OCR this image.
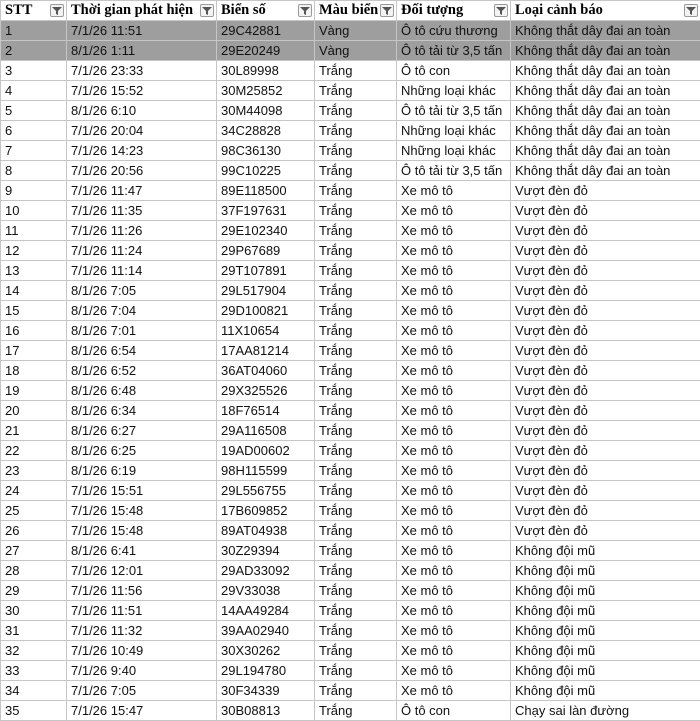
STT	Thời gian phát hiện	Biển số	Màu biển	Đối tượng	Loại cảnh báo

1	7/1/26 11:51	29C42881	Vàng	Ô tô cứu thương	Không thắt dây đai an toàn
2	8/1/26 1:11	29E20249	Vàng	Ô tô tải từ 3,5 tấn	Không thắt dây đai an toàn
3	7/1/26 23:33	30L89998	Trắng	Ô tô con	Không thắt dây đai an toàn
4	7/1/26 15:52	30M25852	Trắng	Những loại khác	Không thắt dây đai an toàn
5	8/1/26 6:10	30M44098	Trắng	Ô tô tải từ 3,5 tấn	Không thắt dây đai an toàn
6	7/1/26 20:04	34C28828	Trắng	Những loại khác	Không thắt dây đai an toàn
7	7/1/26 14:23	98C36130	Trắng	Những loại khác	Không thắt dây đai an toàn
8	7/1/26 20:56	99C10225	Trắng	Ô tô tải từ 3,5 tấn	Không thắt dây đai an toàn
9	7/1/26 11:47	89E118500	Trắng	Xe mô tô	Vượt đèn đỏ
10	7/1/26 11:35	37F197631	Trắng	Xe mô tô	Vượt đèn đỏ
11	7/1/26 11:26	29E102340	Trắng	Xe mô tô	Vượt đèn đỏ
12	7/1/26 11:24	29P67689	Trắng	Xe mô tô	Vượt đèn đỏ
13	7/1/26 11:14	29T107891	Trắng	Xe mô tô	Vượt đèn đỏ
14	8/1/26 7:05	29L517904	Trắng	Xe mô tô	Vượt đèn đỏ
15	8/1/26 7:04	29D100821	Trắng	Xe mô tô	Vượt đèn đỏ
16	8/1/26 7:01	11X10654	Trắng	Xe mô tô	Vượt đèn đỏ
17	8/1/26 6:54	17AA81214	Trắng	Xe mô tô	Vượt đèn đỏ
18	8/1/26 6:52	36AT04060	Trắng	Xe mô tô	Vượt đèn đỏ
19	8/1/26 6:48	29X325526	Trắng	Xe mô tô	Vượt đèn đỏ
20	8/1/26 6:34	18F76514	Trắng	Xe mô tô	Vượt đèn đỏ
21	8/1/26 6:27	29A116508	Trắng	Xe mô tô	Vượt đèn đỏ
22	8/1/26 6:25	19AD00602	Trắng	Xe mô tô	Vượt đèn đỏ
23	8/1/26 6:19	98H115599	Trắng	Xe mô tô	Vượt đèn đỏ
24	7/1/26 15:51	29L556755	Trắng	Xe mô tô	Vượt đèn đỏ
25	7/1/26 15:48	17B609852	Trắng	Xe mô tô	Vượt đèn đỏ
26	7/1/26 15:48	89AT04938	Trắng	Xe mô tô	Vượt đèn đỏ
27	8/1/26 6:41	30Z29394	Trắng	Xe mô tô	Không đội mũ
28	7/1/26 12:01	29AD33092	Trắng	Xe mô tô	Không đội mũ
29	7/1/26 11:56	29V33038	Trắng	Xe mô tô	Không đội mũ
30	7/1/26 11:51	14AA49284	Trắng	Xe mô tô	Không đội mũ
31	7/1/26 11:32	39AA02940	Trắng	Xe mô tô	Không đội mũ
32	7/1/26 10:49	30X30262	Trắng	Xe mô tô	Không đội mũ
33	7/1/26 9:40	29L194780	Trắng	Xe mô tô	Không đội mũ
34	7/1/26 7:05	30F34339	Trắng	Xe mô tô	Không đội mũ
35	7/1/26 15:47	30B08813	Trắng	Ô tô con	Chạy sai làn đường
